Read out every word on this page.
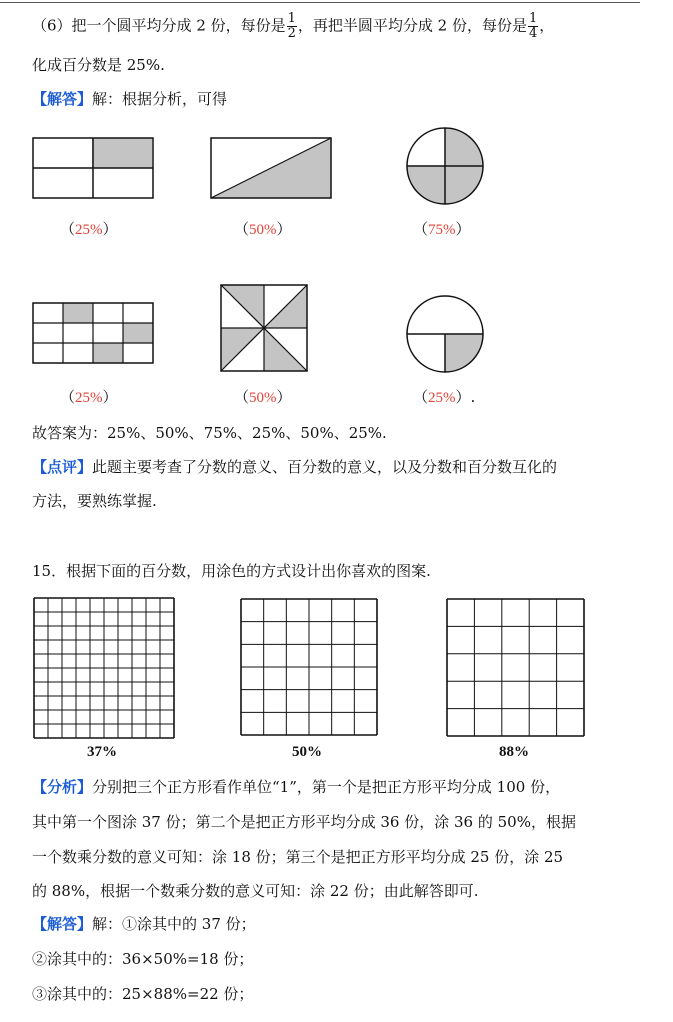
（6）把一个圆平均分成 2 份，每份是 $\frac{1}{2}$ ，再把半圆平均分成 2 份，每份是 $\frac{1}{4}$ ，
化成百分数是 25%.
【解答】解：根据分析，可得
（25%）	（50%）	（75%）
（25%）	（50%）	（25%）.
故答案为：25%、50%、75%、25%、50%、25%.
【点评】此题主要考查了分数的意义、百分数的意义，以及分数和百分数互化的
方法，要熟练掌握.
15．根据下面的百分数，用涂色的方式设计出你喜欢的图案.
37%	50%	88%
【分析】分别把三个正方形看作单位“1”，第一个是把正方形平均分成 100 份，
其中第一个图涂 37 份；第二个是把正方形平均分成 36 份，涂 36 的 50%，根据
一个数乘分数的意义可知：涂 18 份；第三个是把正方形平均分成 25 份，涂 25
的 88%，根据一个数乘分数的意义可知：涂 22 份；由此解答即可.
【解答】解：①涂其中的 37 份；
②涂其中的：36×50%=18 份；
③涂其中的：25×88%=22 份；
